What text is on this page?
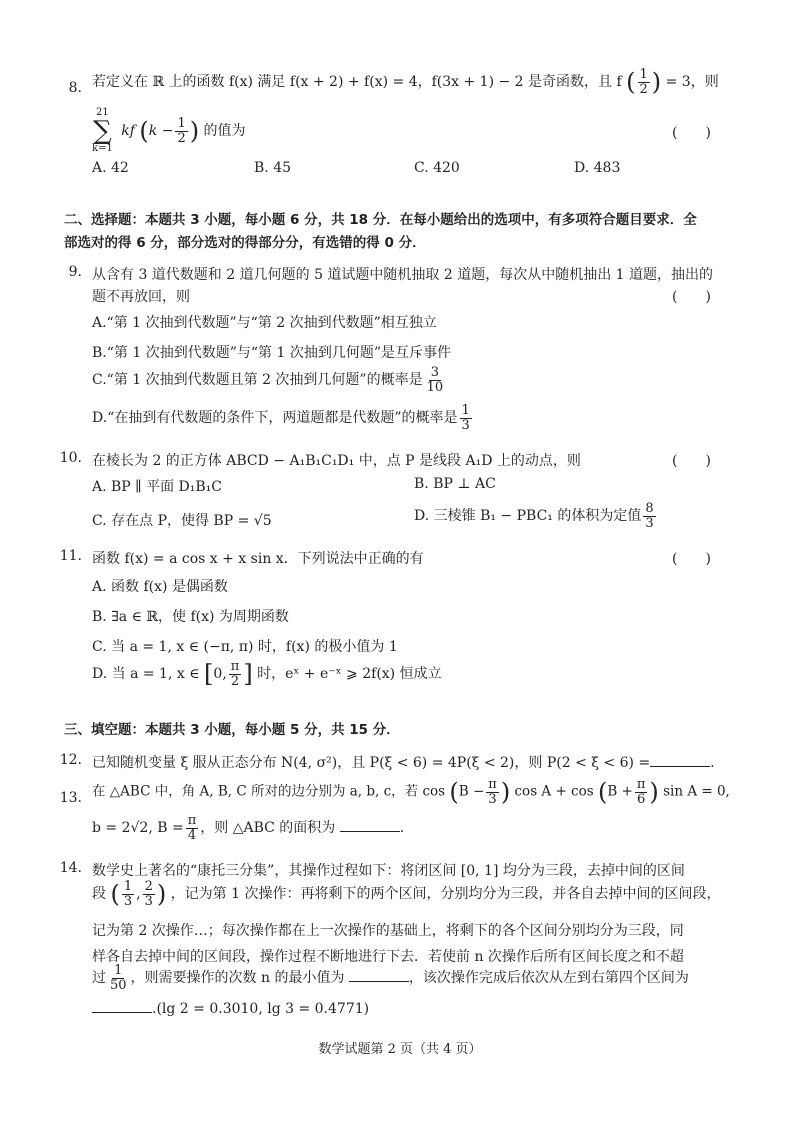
8. 若定义在 ℝ 上的函数 f(x) 满足 f(x + 2) + f(x) = 4，f(3x + 1) − 2 是奇函数，且 f ( $\frac{1}{2}$ ) = 3，则
21
∑
k=1
kf ($k - \frac{1}{2}$ ) 的值为	(　　)
A. 42	B. 45	C. 420	D. 483
二、选择题：本题共 3 小题，每小题 6 分，共 18 分．在每小题给出的选项中，有多项符合题目要求．全
部选对的得 6 分，部分选对的得部分分，有选错的得 0 分．
9. 从含有 3 道代数题和 2 道几何题的 5 道试题中随机抽取 2 道题，每次从中随机抽出 1 道题，抽出的
题不再放回，则	(　　)
A.“第 1 次抽到代数题”与“第 2 次抽到代数题”相互独立
B.“第 1 次抽到代数题”与“第 1 次抽到几何题”是互斥事件
C.“第 1 次抽到代数题且第 2 次抽到几何题”的概率是 $\frac{3}{10}$
D.“在抽到有代数题的条件下，两道题都是代数题”的概率是 $\frac{1}{3}$
10. 在棱长为 2 的正方体 ABCD − A₁B₁C₁D₁ 中，点 P 是线段 A₁D 上的动点，则	(　　)
A. BP ∥ 平面 D₁B₁C	B. BP ⊥ AC
C. 存在点 P，使得 BP = √5	D. 三棱锥 B₁ − PBC₁ 的体积为定值 $\frac{8}{3}$
11. 函数 f(x) = a cos x + x sin x．下列说法中正确的有	(　　)
A. 函数 f(x) 是偶函数
B. ∃a ∈ ℝ，使 f(x) 为周期函数
C. 当 a = 1, x ∈ (−π, π) 时，f(x) 的极小值为 1
D. 当 a = 1, x ∈ [0, $\frac{\pi}{2}$ ] 时，eˣ + e⁻ˣ ⩾ 2f(x) 恒成立
三、填空题：本题共 3 小题，每小题 5 分，共 15 分．
12. 已知随机变量 ξ 服从正态分布 N(4, σ²)，且 P(ξ < 6) = 4P(ξ < 2)，则 P(2 < ξ < 6) =	.
13. 在 △ABC 中，角 A, B, C 所对的边分别为 a, b, c，若 $\cos (B - \frac{\pi}{3}$ ) $\cos A + \cos (B + \frac{\pi}{6}$ ) sin A = 0,
b = 2√2, $B = \frac{\pi}{4}$ ，则 △ABC 的面积为	.
14. 数学史上著名的“康托三分集”，其操作过程如下：将闭区间 [0, 1] 均分为三段，去掉中间的区间
段 ( $\frac{1}{3}$ , $\frac{2}{3}$ ) ，记为第 1 次操作：再将剩下的两个区间，分别均分为三段，并各自去掉中间的区间段，
记为第 2 次操作…；每次操作都在上一次操作的基础上，将剩下的各个区间分别均分为三段，同
样各自去掉中间的区间段，操作过程不断地进行下去．若使前 n 次操作后所有区间长度之和不超
过 $\frac{1}{50}$ ，则需要操作的次数 n 的最小值为	，该次操作完成后依次从左到右第四个区间为
.(lg 2 = 0.3010, lg 3 = 0.4771)
数学试题第 2 页（共 4 页）
